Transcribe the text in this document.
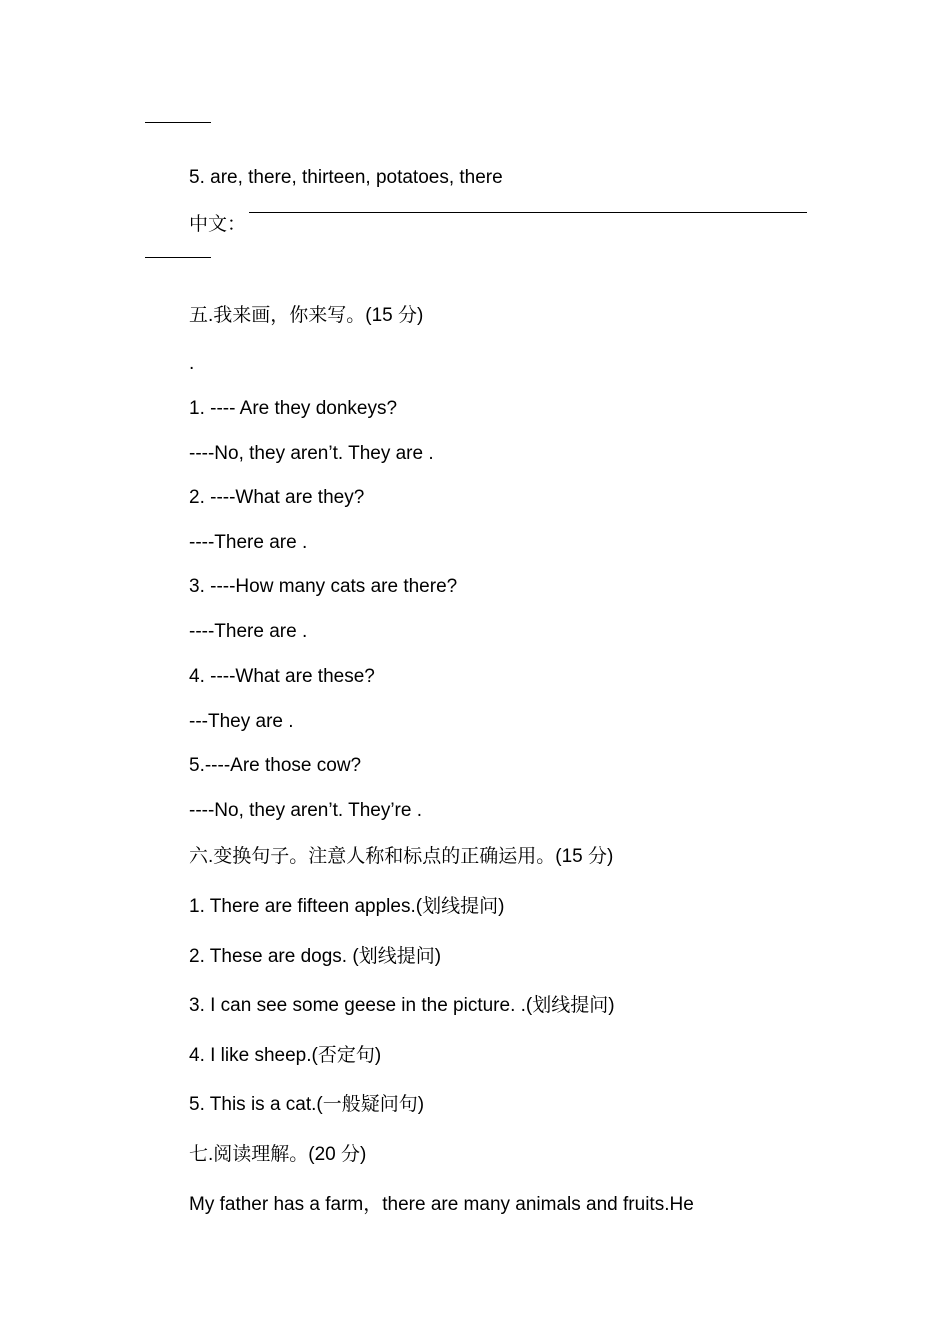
5. are, there, thirteen, potatoes, there
中文：
五.我来画，你来写。(15 分)
.
1. ---- Are they donkeys?
----No, they aren’t. They are .
2. ----What are they?
----There are .
3. ----How many cats are there?
----There are .
4. ----What are these?
---They are .
5.----Are those cow?
----No, they aren’t. They’re .
六.变换句子。注意人称和标点的正确运用。(15 分)
1. There are fifteen apples.(划线提问)
2. These are dogs. (划线提问)
3. I can see some geese in the picture. .(划线提问)
4. I like sheep.(否定句)
5. This is a cat.(一般疑问句)
七.阅读理解。(20 分)
My father has a farm，there are many animals and fruits.He
